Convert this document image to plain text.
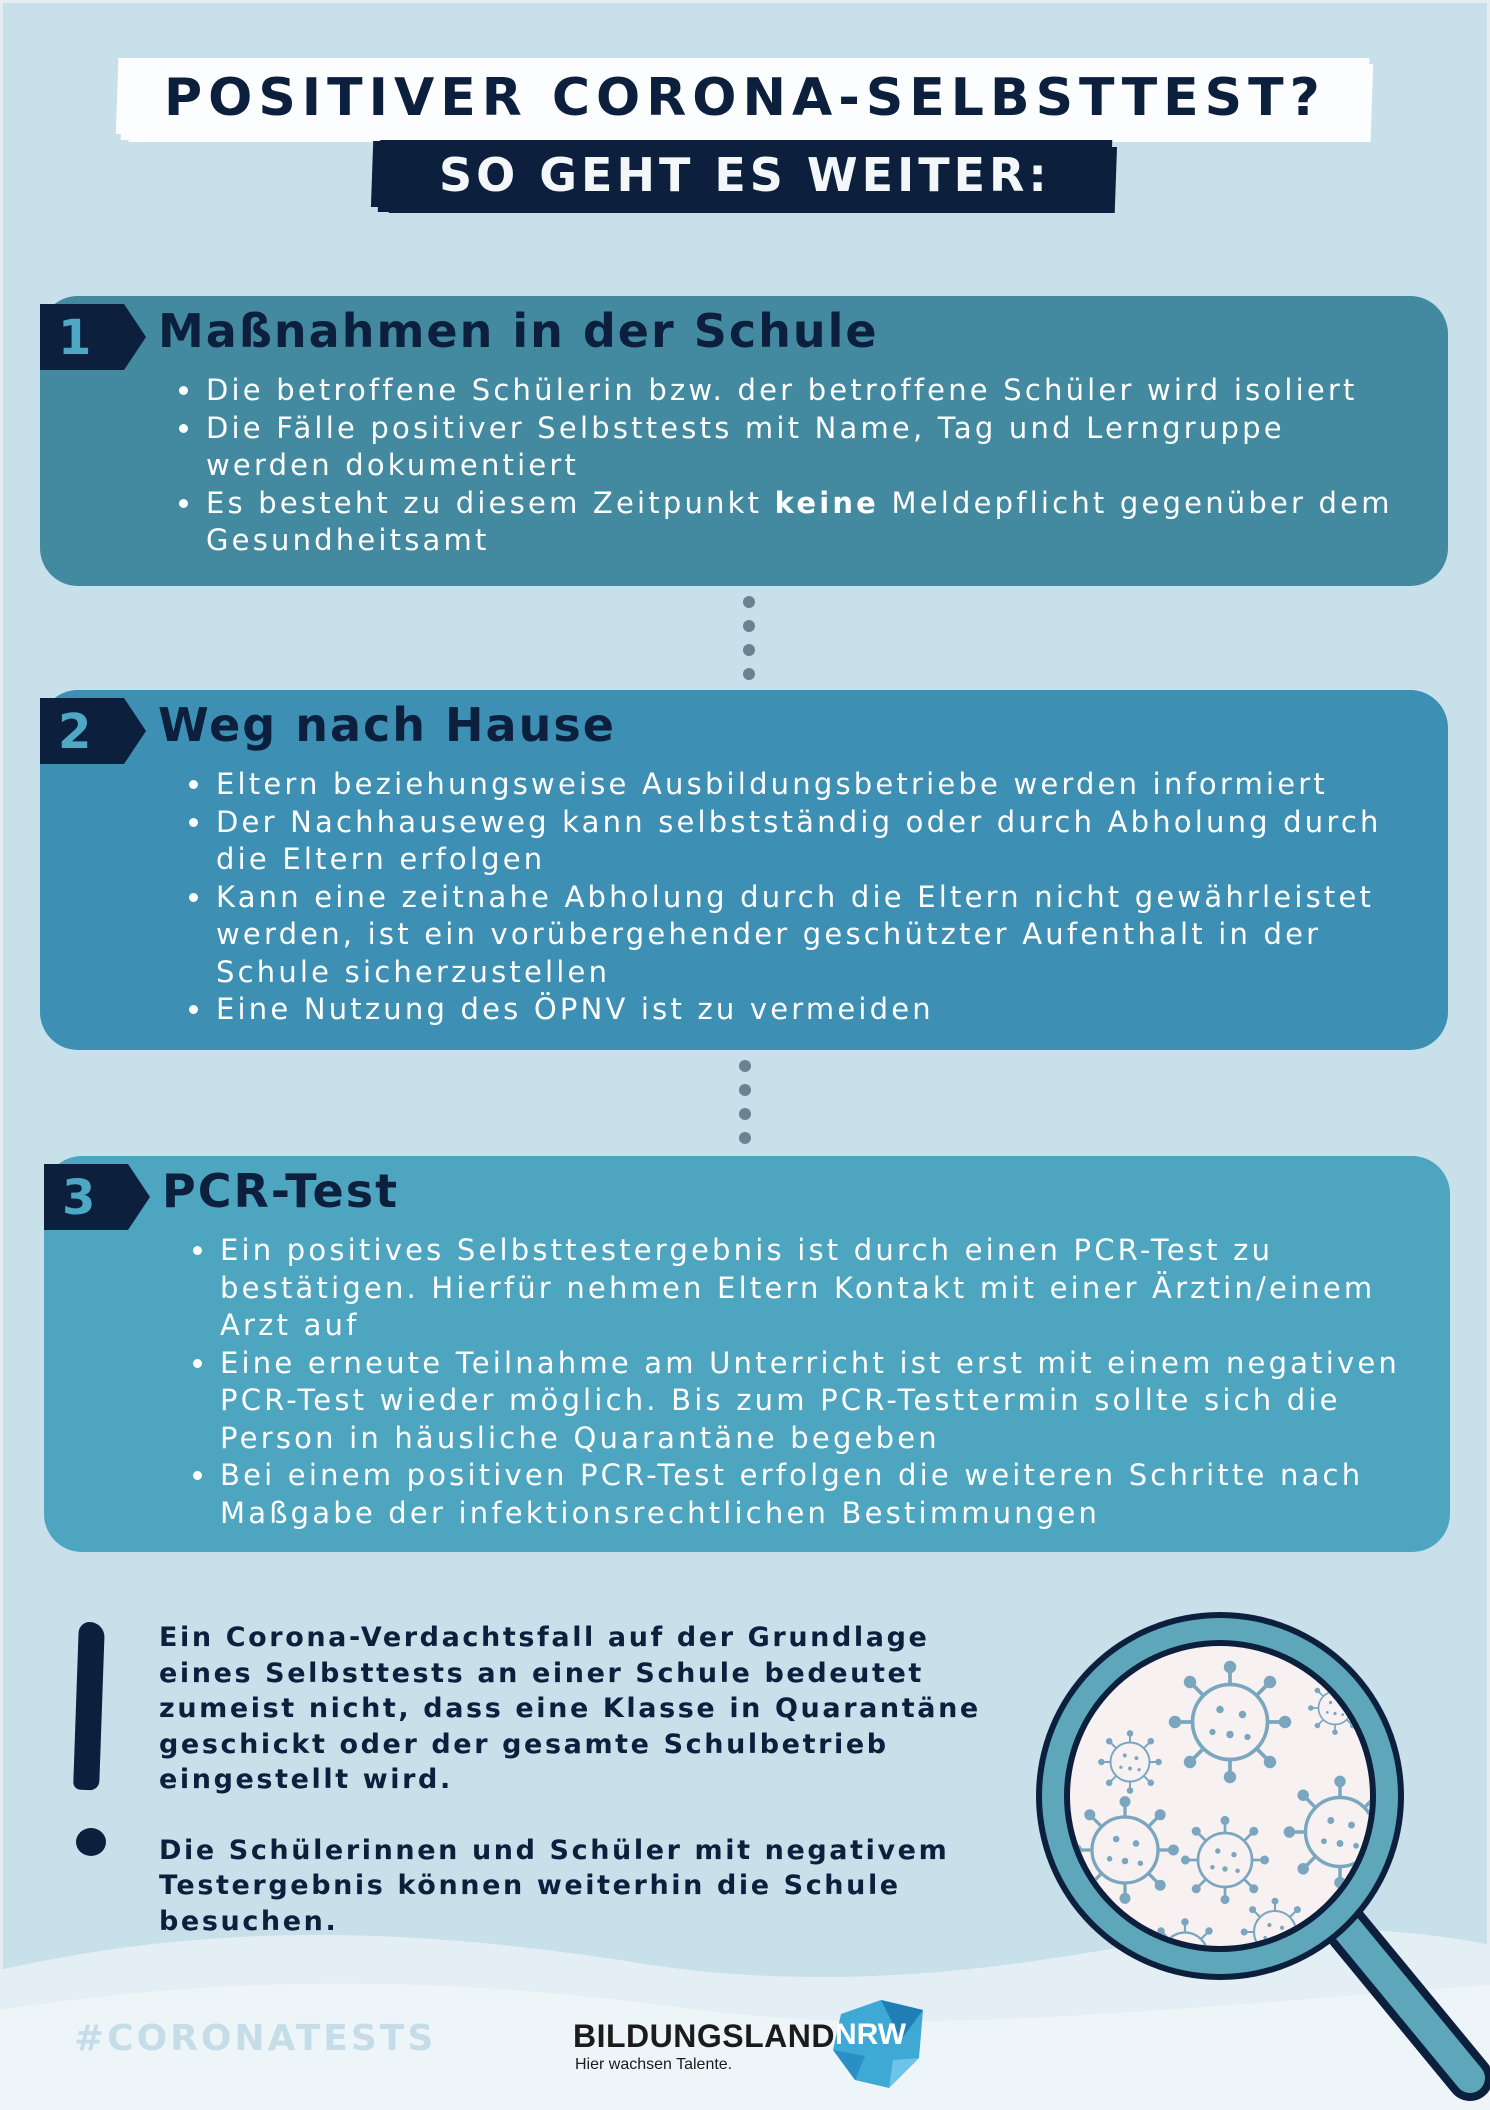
POSITIVER CORONA-SELBSTTEST?
SO GEHT ES WEITER:
1 Maßnahmen in der Schule
• Die betroffene Schülerin bzw. der betroffene Schüler wird isoliert
• Die Fälle positiver Selbsttests mit Name, Tag und Lerngruppe werden dokumentiert
• Es besteht zu diesem Zeitpunkt keine Meldepflicht gegenüber dem Gesundheitsamt
2 Weg nach Hause
• Eltern beziehungsweise Ausbildungsbetriebe werden informiert
• Der Nachhauseweg kann selbstständig oder durch Abholung durch die Eltern erfolgen
• Kann eine zeitnahe Abholung durch die Eltern nicht gewährleistet werden, ist ein vorübergehender geschützter Aufenthalt in der Schule sicherzustellen
• Eine Nutzung des ÖPNV ist zu vermeiden
3 PCR-Test
• Ein positives Selbsttestergebnis ist durch einen PCR-Test zu bestätigen. Hierfür nehmen Eltern Kontakt mit einer Ärztin/einem Arzt auf
• Eine erneute Teilnahme am Unterricht ist erst mit einem negativen PCR-Test wieder möglich. Bis zum PCR-Testtermin sollte sich die Person in häusliche Quarantäne begeben
• Bei einem positiven PCR-Test erfolgen die weiteren Schritte nach Maßgabe der infektionsrechtlichen Bestimmungen

Ein Corona-Verdachtsfall auf der Grundlage eines Selbsttests an einer Schule bedeutet zumeist nicht, dass eine Klasse in Quarantäne geschickt oder der gesamte Schulbetrieb eingestellt wird.

Die Schülerinnen und Schüler mit negativem Testergebnis können weiterhin die Schule besuchen.

#CORONATESTS	BILDUNGSLAND
Hier wachsen Talente.
NRW
